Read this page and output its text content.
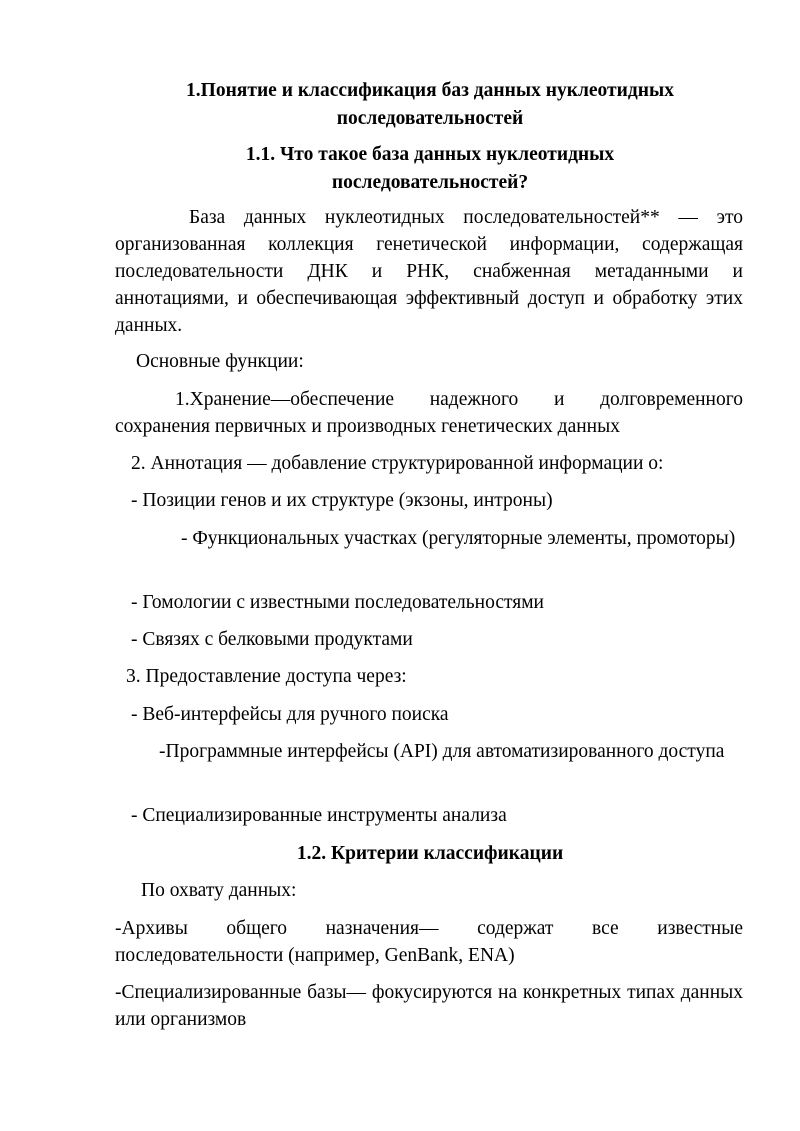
1.Понятие и классификация баз данных нуклеотидных
последовательностей

1.1. Что такое база данных нуклеотидных
последовательностей?

База данных нуклеотидных последовательностей** — это организованная коллекция генетической информации, содержащая последовательности ДНК и РНК, снабженная метаданными и аннотациями, и обеспечивающая эффективный доступ и обработку этих данных.

Основные функции:

1.Хранение—обеспечение надежного и долговременного сохранения первичных и производных генетических данных

2. Аннотация — добавление структурированной информации о:

- Позиции генов и их структуре (экзоны, интроны)

- Функциональных участках (регуляторные элементы, промоторы)

- Гомологии с известными последовательностями

- Связях с белковыми продуктами

3. Предоставление доступа через:

- Веб-интерфейсы для ручного поиска

-Программные интерфейсы (API) для автоматизированного доступа

- Специализированные инструменты анализа

1.2. Критерии классификации

По охвату данных:

-Архивы общего назначения— содержат все известные последовательности (например, GenBank, ENA)

-Специализированные базы— фокусируются на конкретных типах данных или организмов
